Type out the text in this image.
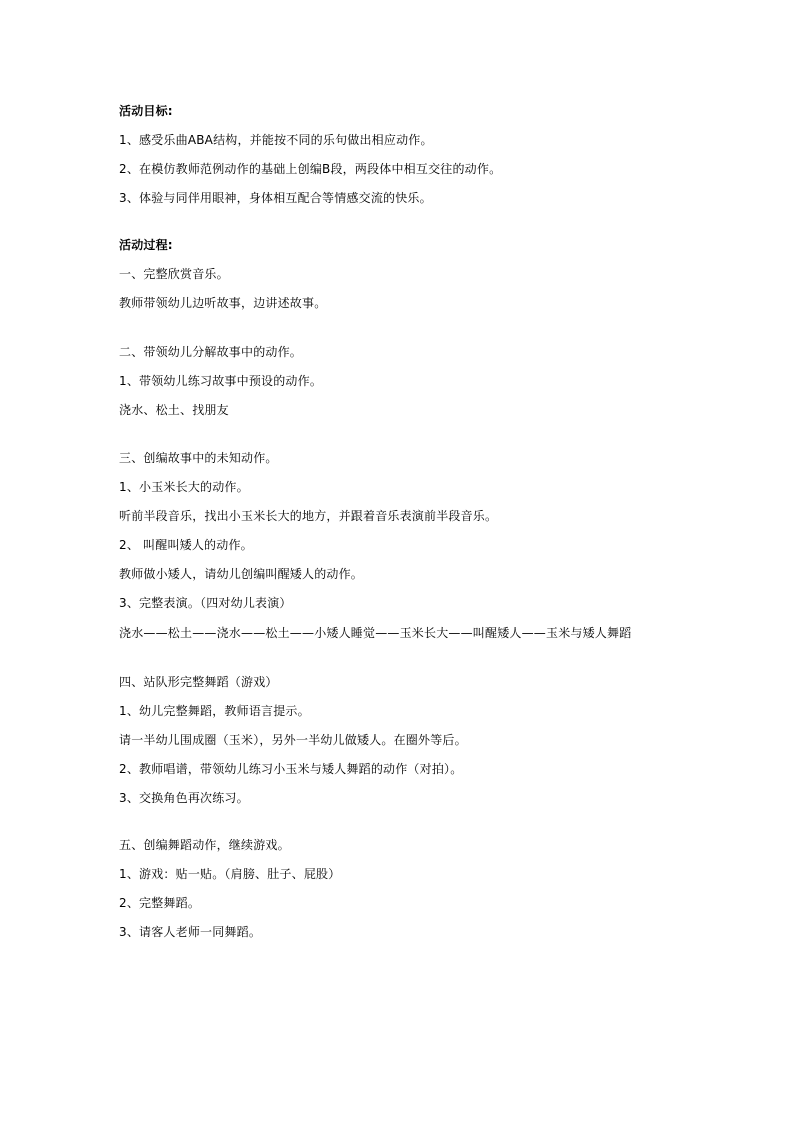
活动目标:
1、感受乐曲ABA结构，并能按不同的乐句做出相应动作。
2、在模仿教师范例动作的基础上创编B段，两段体中相互交往的动作。
3、体验与同伴用眼神，身体相互配合等情感交流的快乐。
活动过程:
一、完整欣赏音乐。
教师带领幼儿边听故事，边讲述故事。
二、带领幼儿分解故事中的动作。
1、带领幼儿练习故事中预设的动作。
浇水、松土、找朋友
三、创编故事中的未知动作。
1、小玉米长大的动作。
听前半段音乐，找出小玉米长大的地方，并跟着音乐表演前半段音乐。
2、 叫醒叫矮人的动作。
教师做小矮人，请幼儿创编叫醒矮人的动作。
3、完整表演。（四对幼儿表演）
浇水——松土——浇水——松土——小矮人睡觉——玉米长大——叫醒矮人——玉米与矮人舞蹈
四、站队形完整舞蹈（游戏）
1、幼儿完整舞蹈，教师语言提示。
请一半幼儿围成圈（玉米），另外一半幼儿做矮人。在圈外等后。
2、教师唱谱，带领幼儿练习小玉米与矮人舞蹈的动作（对拍）。
3、交换角色再次练习。
五、创编舞蹈动作，继续游戏。
1、游戏：贴一贴。（肩膀、肚子、屁股）
2、完整舞蹈。
3、请客人老师一同舞蹈。
